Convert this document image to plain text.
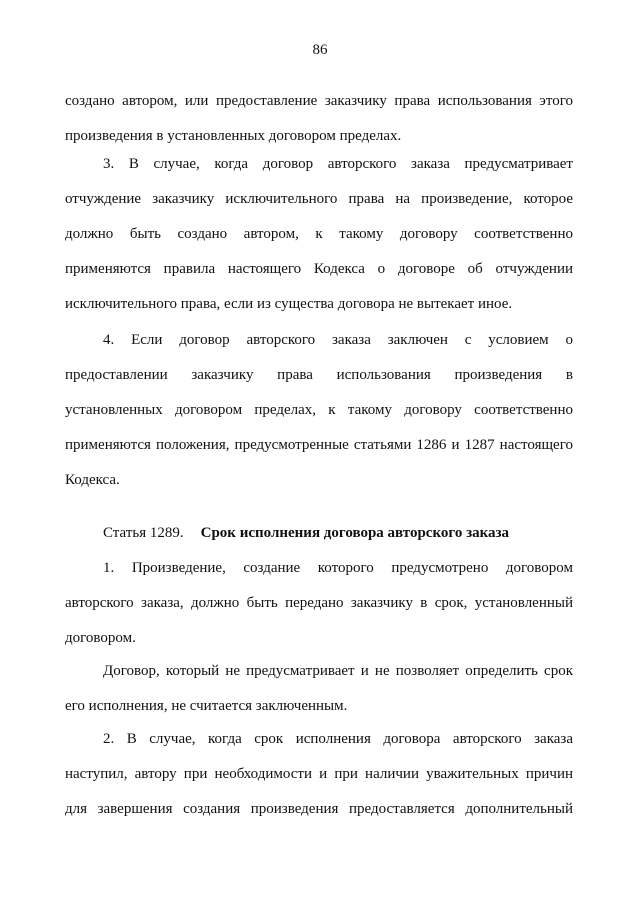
86

создано автором, или предоставление заказчику права использования этого
произведения в установленных договором пределах.

3. В случае, когда договор авторского заказа предусматривает
отчуждение заказчику исключительного права на произведение, которое
должно быть создано автором, к такому договору соответственно
применяются правила настоящего Кодекса о договоре об отчуждении
исключительного права, если из существа договора не вытекает иное.

4. Если договор авторского заказа заключен с условием о
предоставлении заказчику права использования произведения в
установленных договором пределах, к такому договору соответственно
применяются положения, предусмотренные статьями 1286 и 1287 настоящего
Кодекса.

Статья 1289. Срок исполнения договора авторского заказа

1. Произведение, создание которого предусмотрено договором
авторского заказа, должно быть передано заказчику в срок, установленный
договором.

Договор, который не предусматривает и не позволяет определить срок
его исполнения, не считается заключенным.

2. В случае, когда срок исполнения договора авторского заказа
наступил, автору при необходимости и при наличии уважительных причин
для завершения создания произведения предоставляется дополнительный
